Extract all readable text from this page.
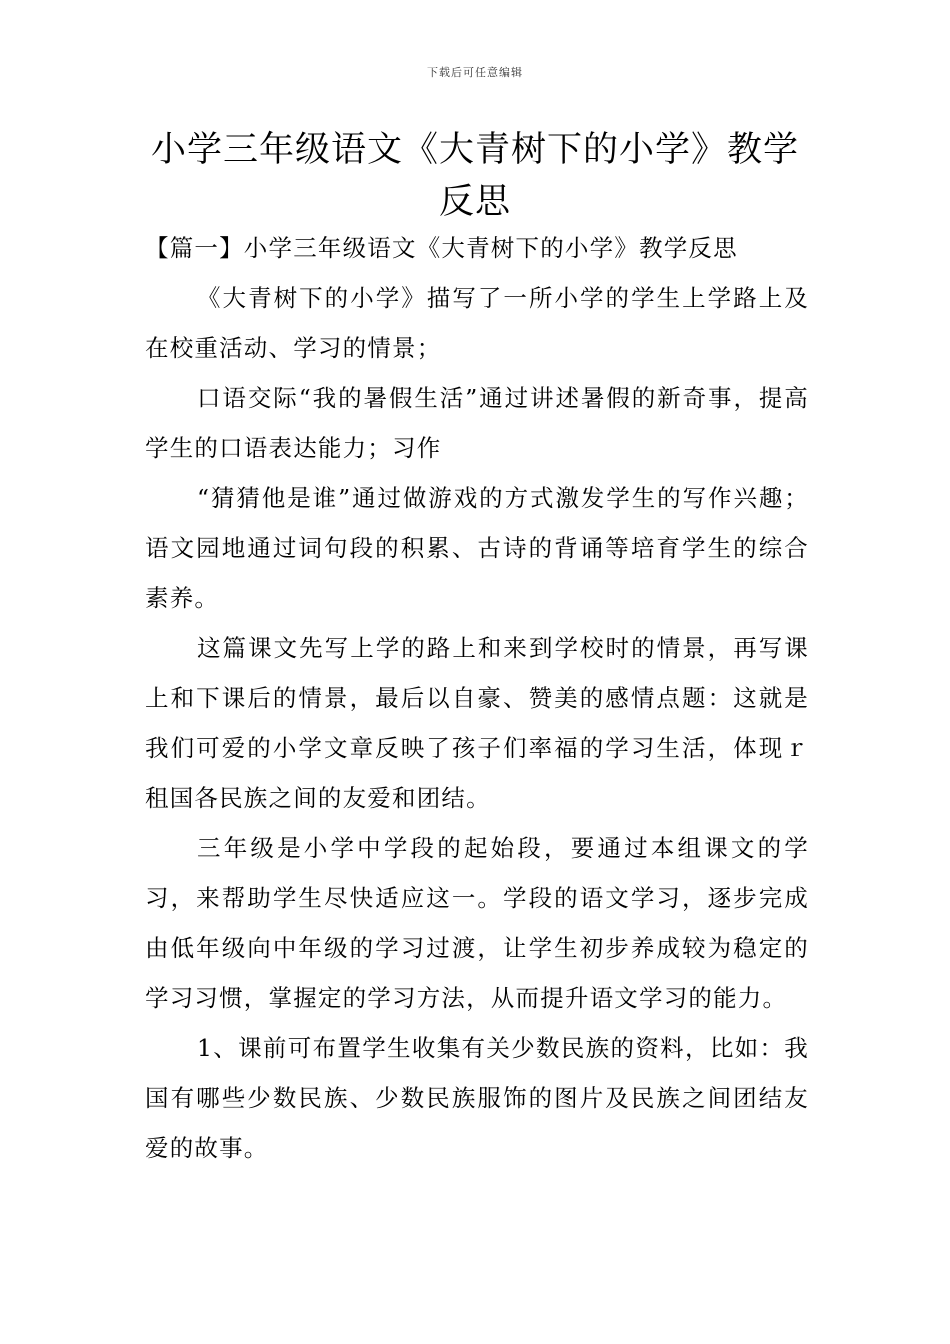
下载后可任意编辑
小学三年级语文《大青树下的小学》教学反思

【篇一】小学三年级语文《大青树下的小学》教学反思

《大青树下的小学》描写了一所小学的学生上学路上及在校重活动、学习的情景；

口语交际“我的暑假生活”通过讲述暑假的新奇事，提高学生的口语表达能力；习作

“猜猜他是谁”通过做游戏的方式激发学生的写作兴趣；语文园地通过词句段的积累、古诗的背诵等培育学生的综合素养。

这篇课文先写上学的路上和来到学校时的情景，再写课上和下课后的情景，最后以自豪、赞美的感情点题：这就是我们可爱的小学文章反映了孩子们率福的学习生活，体现ｒ租国各民族之间的友爱和团结。

三年级是小学中学段的起始段，要通过本组课文的学习，来帮助学生尽快适应这一。学段的语文学习，逐步完成由低年级向中年级的学习过渡，让学生初步养成较为稳定的学习习惯，掌握定的学习方法，从而提升语文学习的能力。

1、课前可布置学生收集有关少数民族的资料，比如：我国有哪些少数民族、少数民族服饰的图片及民族之间团结友爱的故事。
